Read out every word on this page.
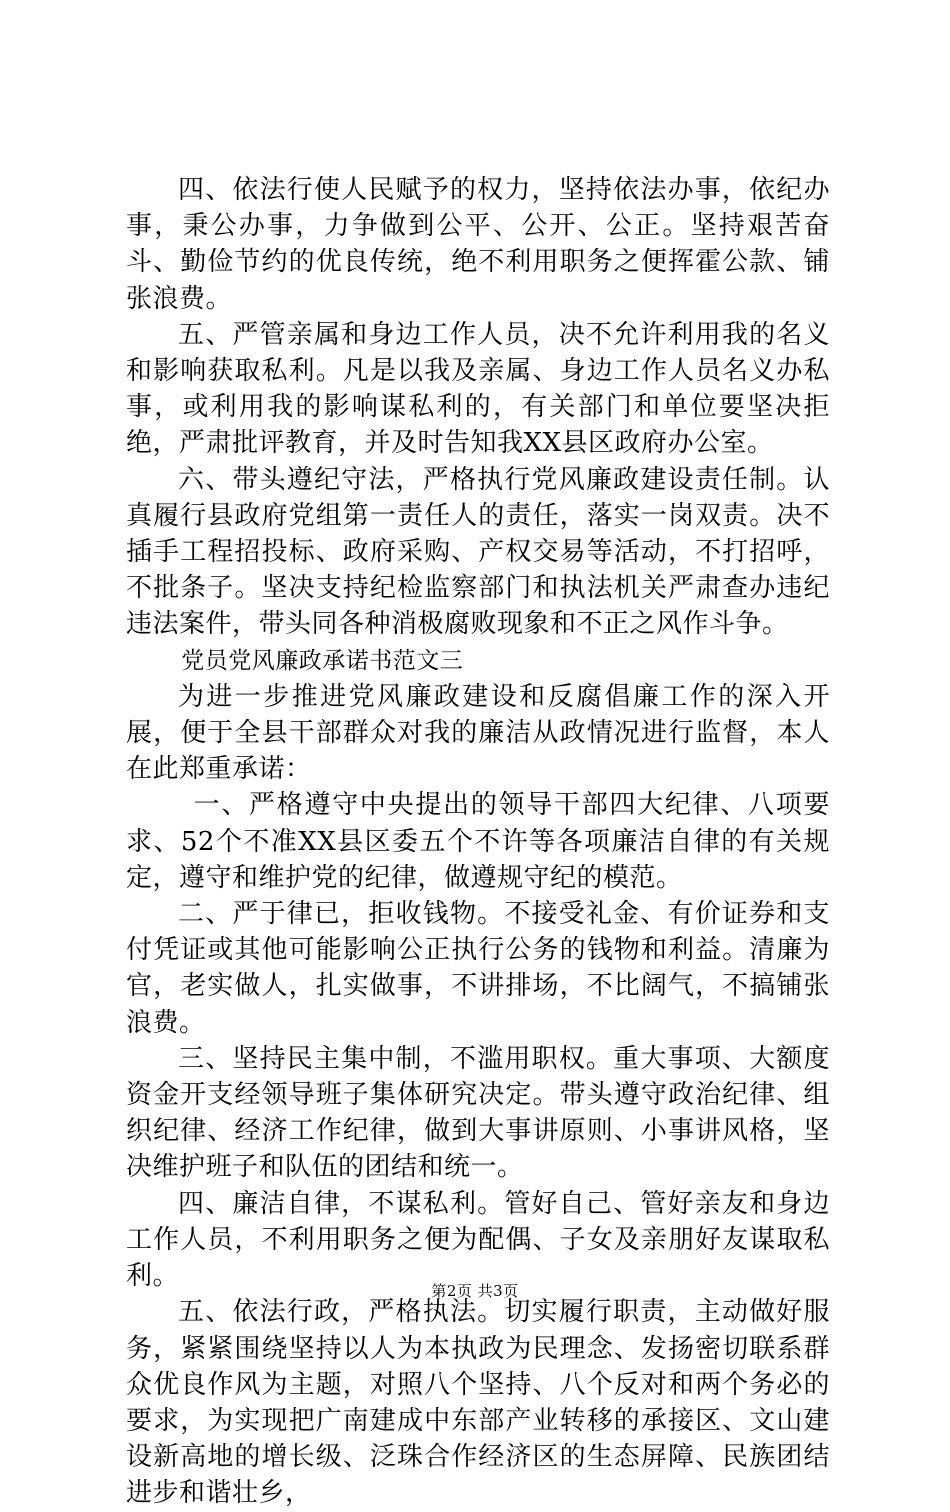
四、依法行使人民赋予的权力，坚持依法办事，依纪办事，秉公办事，力争做到公平、公开、公正。坚持艰苦奋斗、勤俭节约的优良传统，绝不利用职务之便挥霍公款、铺张浪费。

五、严管亲属和身边工作人员，决不允许利用我的名义和影响获取私利。凡是以我及亲属、身边工作人员名义办私事，或利用我的影响谋私利的，有关部门和单位要坚决拒绝，严肃批评教育，并及时告知我XX县区政府办公室。

六、带头遵纪守法，严格执行党风廉政建设责任制。认真履行县政府党组第一责任人的责任，落实一岗双责。决不插手工程招投标、政府采购、产权交易等活动，不打招呼，不批条子。坚决支持纪检监察部门和执法机关严肃查办违纪违法案件，带头同各种消极腐败现象和不正之风作斗争。

党员党风廉政承诺书范文三

为进一步推进党风廉政建设和反腐倡廉工作的深入开展，便于全县干部群众对我的廉洁从政情况进行监督，本人在此郑重承诺：

一、严格遵守中央提出的领导干部四大纪律、八项要求、52个不准XX县区委五个不许等各项廉洁自律的有关规定，遵守和维护党的纪律，做遵规守纪的模范。

二、严于律已，拒收钱物。不接受礼金、有价证券和支付凭证或其他可能影响公正执行公务的钱物和利益。清廉为官，老实做人，扎实做事，不讲排场，不比阔气，不搞铺张浪费。

三、坚持民主集中制，不滥用职权。重大事项、大额度资金开支经领导班子集体研究决定。带头遵守政治纪律、组织纪律、经济工作纪律，做到大事讲原则、小事讲风格，坚决维护班子和队伍的团结和统一。

四、廉洁自律，不谋私利。管好自己、管好亲友和身边工作人员，不利用职务之便为配偶、子女及亲朋好友谋取私利。

五、依法行政，严格执法。切实履行职责，主动做好服务，紧紧围绕坚持以人为本执政为民理念、发扬密切联系群众优良作风为主题，对照八个坚持、八个反对和两个务必的要求，为实现把广南建成中东部产业转移的承接区、文山建设新高地的增长级、泛珠合作经济区的生态屏障、民族团结进步和谐壮乡，

第2页 共3页
